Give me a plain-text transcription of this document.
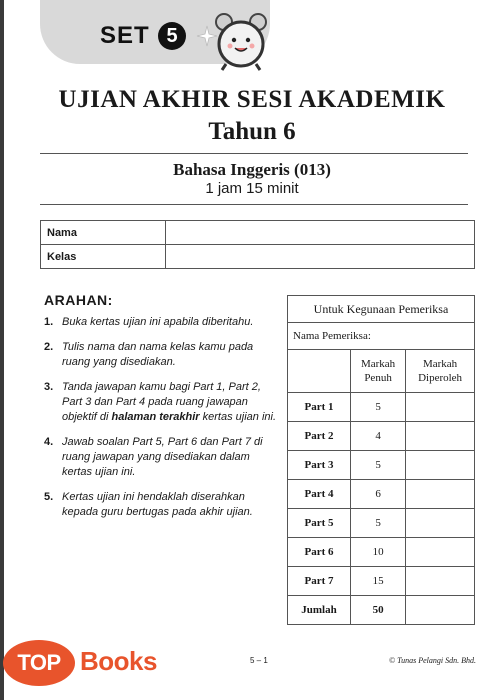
SET 5
UJIAN AKHIR SESI AKADEMIK
Tahun 6
Bahasa Inggeris (013)
1 jam 15 minit
Nama	
Kelas	
ARAHAN:
1. Buka kertas ujian ini apabila diberitahu.
2. Tulis nama dan nama kelas kamu pada ruang yang disediakan.
3. Tanda jawapan kamu bagi Part 1, Part 2, Part 3 dan Part 4 pada ruang jawapan objektif di halaman terakhir kertas ujian ini.
4. Jawab soalan Part 5, Part 6 dan Part 7 di ruang jawapan yang disediakan dalam kertas ujian ini.
5. Kertas ujian ini hendaklah diserahkan kepada guru bertugas pada akhir ujian.
Untuk Kegunaan Pemeriksa		
Nama Pemeriksa:		
	Markah Penuh	Markah Diperoleh
Part 1	5	
Part 2	4	
Part 3	5	
Part 4	6	
Part 5	5	
Part 6	10	
Part 7	15	
Jumlah	50	
TOP Books	5 – 1	© Tunas Pelangi Sdn. Bhd.
